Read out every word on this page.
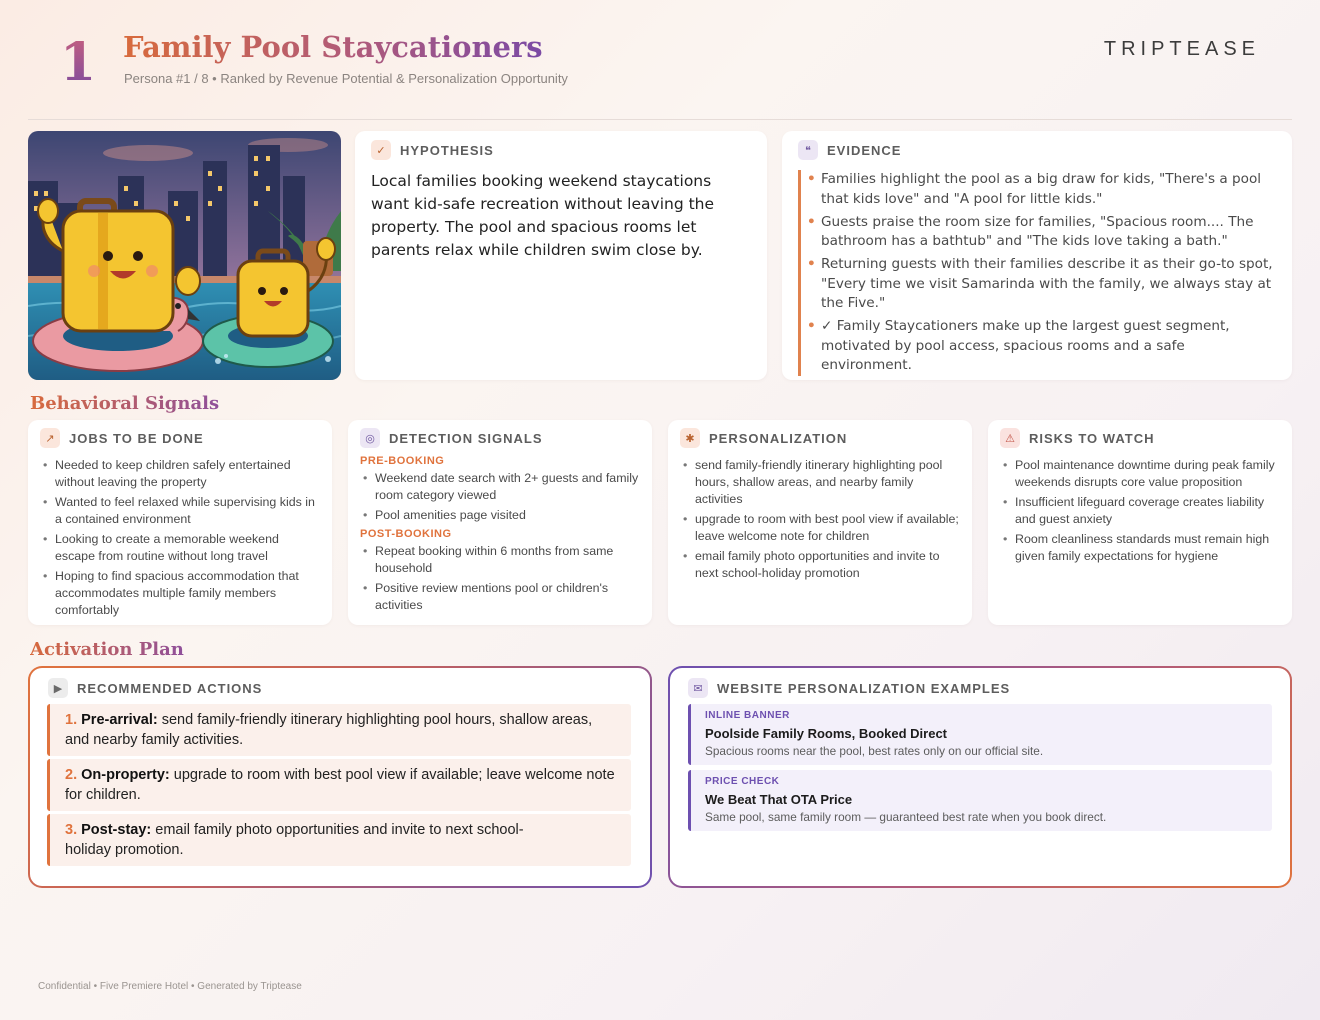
1 Family Pool Staycationers
Persona #1 / 8 • Ranked by Revenue Potential & Personalization Opportunity
TRIPTEASE
✓	HYPOTHESIS
Local families booking weekend staycations want kid-safe recreation without leaving the property. The pool and spacious rooms let parents relax while children swim close by.
❝	EVIDENCE
• Families highlight the pool as a big draw for kids, "There's a pool that kids love" and "A pool for little kids."
• Guests praise the room size for families, "Spacious room.... The bathroom has a bathtub" and "The kids love taking a bath."
• Returning guests with their families describe it as their go-to spot, "Every time we visit Samarinda with the family, we always stay at the Five."
• ✓ Family Staycationers make up the largest guest segment, motivated by pool access, spacious rooms and a safe environment.
Behavioral Signals
↗	JOBS TO BE DONE
• Needed to keep children safely entertained without leaving the property
• Wanted to feel relaxed while supervising kids in a contained environment
• Looking to create a memorable weekend escape from routine without long travel
• Hoping to find spacious accommodation that accommodates multiple family members comfortably
◎	DETECTION SIGNALS
PRE-BOOKING
• Weekend date search with 2+ guests and family room category viewed
• Pool amenities page visited
POST-BOOKING
• Repeat booking within 6 months from same household
• Positive review mentions pool or children's activities
✱	PERSONALIZATION
• send family-friendly itinerary highlighting pool hours, shallow areas, and nearby family activities
• upgrade to room with best pool view if available; leave welcome note for children
• email family photo opportunities and invite to next school-holiday promotion
⚠	RISKS TO WATCH
• Pool maintenance downtime during peak family weekends disrupts core value proposition
• Insufficient lifeguard coverage creates liability and guest anxiety
• Room cleanliness standards must remain high given family expectations for hygiene
Activation Plan
▶	RECOMMENDED ACTIONS
1. Pre-arrival: send family-friendly itinerary highlighting pool hours, shallow areas, and nearby family activities.
2. On-property: upgrade to room with best pool view if available; leave welcome note for children.
3. Post-stay: email family photo opportunities and invite to next school-holiday promotion.
✉	WEBSITE PERSONALIZATION EXAMPLES
INLINE BANNER
Poolside Family Rooms, Booked Direct
Spacious rooms near the pool, best rates only on our official site.
PRICE CHECK
We Beat That OTA Price
Same pool, same family room — guaranteed best rate when you book direct.
Confidential • Five Premiere Hotel • Generated by Triptease
